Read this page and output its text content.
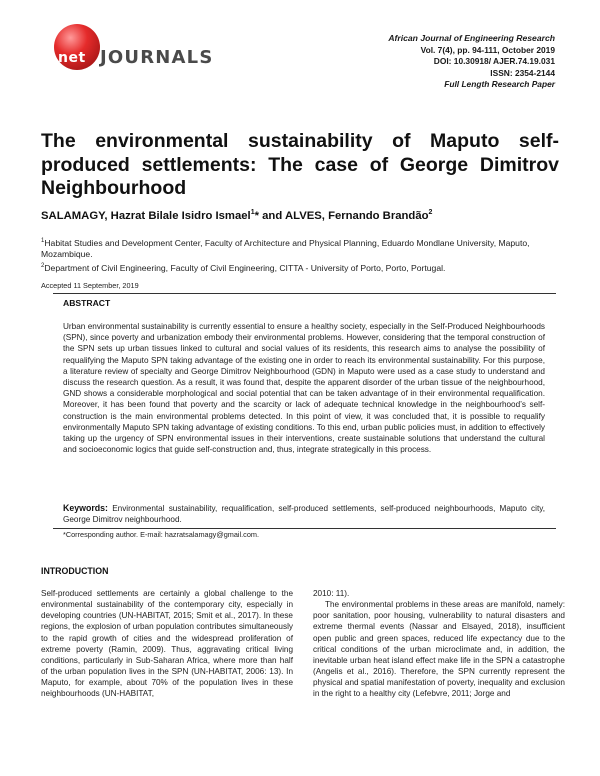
net JOURNALS
African Journal of Engineering Research
Vol. 7(4), pp. 94-111, October 2019
DOI: 10.30918/ AJER.74.19.031
ISSN: 2354-2144
Full Length Research Paper
The environmental sustainability of Maputo self-produced settlements: The case of George Dimitrov Neighbourhood
SALAMAGY, Hazrat Bilale Isidro Ismael$^1$* and ALVES, Fernando Brandão$^2$
$^1$Habitat Studies and Development Center, Faculty of Architecture and Physical Planning, Eduardo Mondlane University, Maputo, Mozambique.
$^2$Department of Civil Engineering, Faculty of Civil Engineering, CITTA - University of Porto, Porto, Portugal.
Accepted 11 September, 2019
ABSTRACT
Urban environmental sustainability is currently essential to ensure a healthy society, especially in the Self-Produced Neighbourhoods (SPN), since poverty and urbanization embody their environmental problems. However, considering that the temporal construction of the SPN sets up urban tissues linked to cultural and social values of its residents, this research aims to analyse the possibility of requalifying the Maputo SPN taking advantage of the existing one in order to reach its environmental sustainability. For this purpose, a literature review of specialty and George Dimitrov Neighbourhood (GDN) in Maputo were used as a case study to understand and discuss the research question. As a result, it was found that, despite the apparent disorder of the urban tissue of the neighbourhood, GND shows a considerable morphological and social potential that can be taken advantage of in their environmental requalification. Moreover, it has been found that poverty and the scarcity or lack of adequate technical knowledge in the neighbourhood’s self-construction is the main environmental problems detected. In this point of view, it was concluded that, it is possible to requalify environmentally Maputo SPN taking advantage of existing conditions. To this end, urban public policies must, in addition to effectively taking up the urgency of SPN environmental issues in their interventions, create sustainable solutions that understand the cultural and socioeconomic logics that guide self-construction and, thus, integrate strategically in this process.
Keywords: Environmental sustainability, requalification, self-produced settlements, self-produced neighbourhoods, Maputo city, George Dimitrov neighbourhood.
*Corresponding author. E-mail: hazratsalamagy@gmail.com.
INTRODUCTION

Self-produced settlements are certainly a global challenge to the environmental sustainability of the contemporary city, especially in developing countries (UN-HABITAT, 2015; Smit et al., 2017). In these regions, the explosion of urban population contributes simultaneously to the rapid growth of cities and the widespread proliferation of extreme poverty (Ramin, 2009). Thus, aggravating critical living conditions, particularly in Sub-Saharan Africa, where more than half of the urban population lives in the SPN (UN-HABITAT, 2006: 13). In Maputo, for example, about 70% of the population lives in these neighbourhoods (UN-HABITAT,

2010: 11).

The environmental problems in these areas are manifold, namely: poor sanitation, poor housing, vulnerability to natural disasters and extreme thermal events (Nassar and Elsayed, 2018), insufficient open public and green spaces, reduced life expectancy due to the critical conditions of the urban microclimate and, in addition, the inevitable urban heat island effect make life in the SPN a catastrophe (Angelis et al., 2016). Therefore, the SPN currently represent the physical and spatial manifestation of poverty, inequality and exclusion in the right to a healthy city (Lefebvre, 2011; Jorge and
